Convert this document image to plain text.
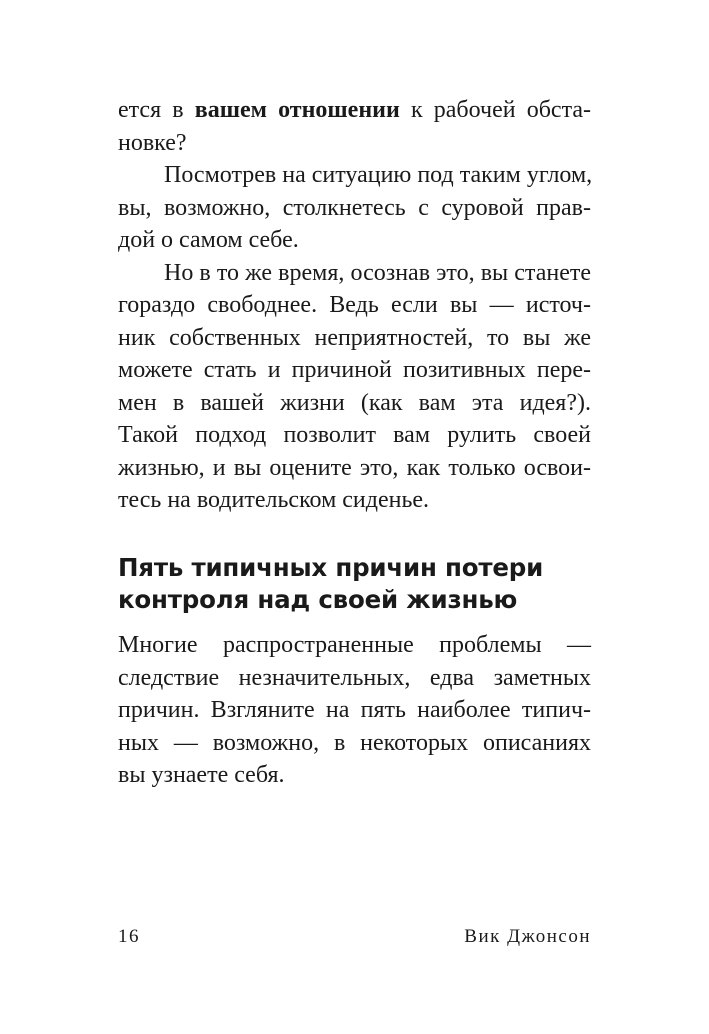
ется в вашем отношении к рабочей обста-
новке?
Посмотрев на ситуацию под таким углом,
вы, возможно, столкнетесь с суровой прав-
дой о самом себе.
Но в то же время, осознав это, вы станете
гораздо свободнее. Ведь если вы — источ-
ник собственных неприятностей, то вы же
можете стать и причиной позитивных пере-
мен в вашей жизни (как вам эта идея?).
Такой подход позволит вам рулить своей
жизнью, и вы оцените это, как только освои-
тесь на водительском сиденье.
Пять типичных причин потери
контроля над своей жизнью
Многие распространенные проблемы —
следствие незначительных, едва заметных
причин. Взгляните на пять наиболее типич-
ных — возможно, в некоторых описаниях
вы узнаете себя.
16	Вик Джонсон
